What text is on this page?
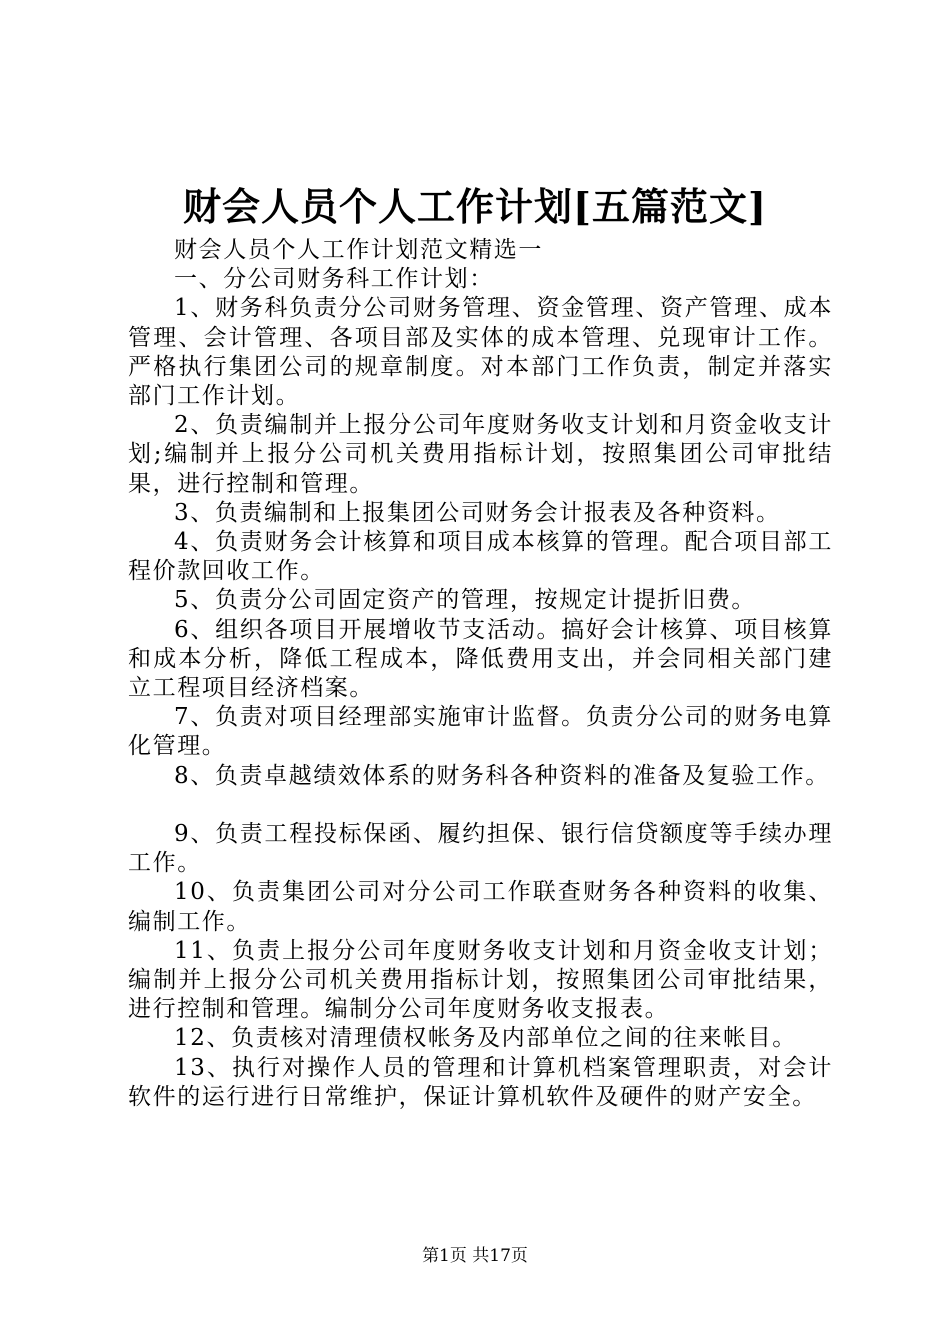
财会人员个人工作计划[五篇范文]

财会人员个人工作计划范文精选一

一、分公司财务科工作计划：

1、财务科负责分公司财务管理、资金管理、资产管理、成本管理、会计管理、各项目部及实体的成本管理、兑现审计工作。严格执行集团公司的规章制度。对本部门工作负责，制定并落实部门工作计划。

2、负责编制并上报分公司年度财务收支计划和月资金收支计划;编制并上报分公司机关费用指标计划，按照集团公司审批结果，进行控制和管理。

3、负责编制和上报集团公司财务会计报表及各种资料。

4、负责财务会计核算和项目成本核算的管理。配合项目部工程价款回收工作。

5、负责分公司固定资产的管理，按规定计提折旧费。

6、组织各项目开展增收节支活动。搞好会计核算、项目核算和成本分析，降低工程成本，降低费用支出，并会同相关部门建立工程项目经济档案。

7、负责对项目经理部实施审计监督。负责分公司的财务电算化管理。

8、负责卓越绩效体系的财务科各种资料的准备及复验工作。

9、负责工程投标保函、履约担保、银行信贷额度等手续办理工作。

10、负责集团公司对分公司工作联查财务各种资料的收集、编制工作。

11、负责上报分公司年度财务收支计划和月资金收支计划；编制并上报分公司机关费用指标计划，按照集团公司审批结果，进行控制和管理。编制分公司年度财务收支报表。

12、负责核对清理债权帐务及内部单位之间的往来帐目。

13、执行对操作人员的管理和计算机档案管理职责，对会计软件的运行进行日常维护，保证计算机软件及硬件的财产安全。

第1页 共17页
